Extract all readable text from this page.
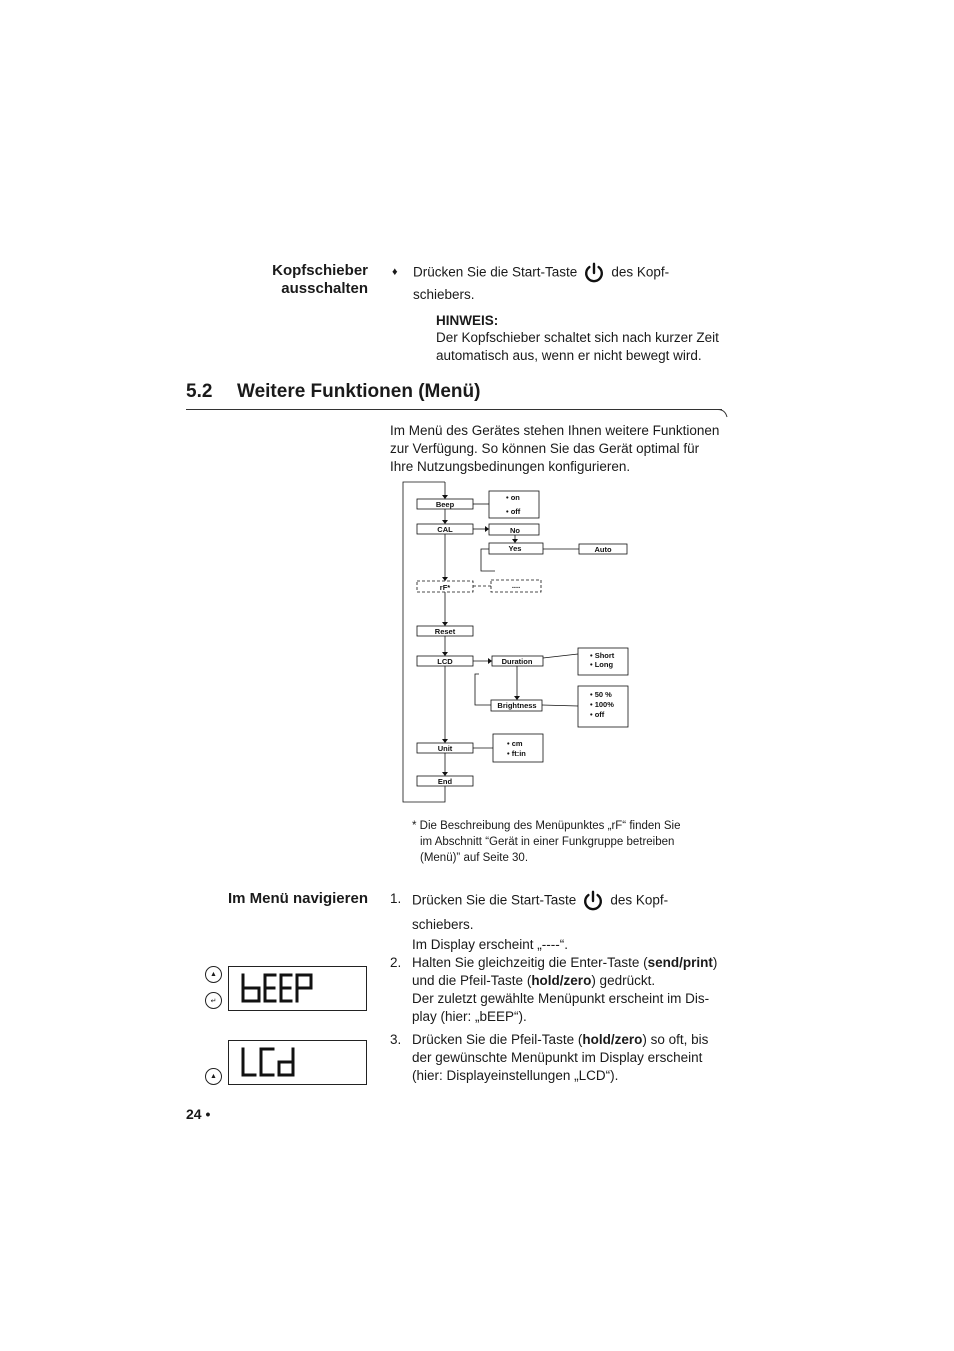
Kopfschieber
ausschalten
♦ Drücken Sie die Start-Taste	des Kopf-
schiebers.
HINWEIS:
Der Kopfschieber schaltet sich nach kurzer Zeit
automatisch aus, wenn er nicht bewegt wird.
5.2 Weitere Funktionen (Menü)
Im Menü des Gerätes stehen Ihnen weitere Funktionen
zur Verfügung. So können Sie das Gerät optimal für
Ihre Nutzungsbedinungen konfigurieren.
Beep
CAL	No
Yes	Auto
rF*	....
Reset
LCD	Duration
Brightness
Unit
End
• on
• off
• Short
• Long
• 50 %
• 100%
• off
• cm
• ft:in
* Die Beschreibung des Menüpunktes „rF“ finden Sie
im Abschnitt “Gerät in einer Funkgruppe betreiben
(Menü)” auf Seite 30.
Im Menü navigieren 1. Drücken Sie die Start-Taste	des Kopf-
schiebers.
Im Display erscheint „----“.
2. Halten Sie gleichzeitig die Enter-Taste (send/print)
und die Pfeil-Taste (hold/zero) gedrückt.
Der zuletzt gewählte Menüpunkt erscheint im Dis-
play (hier: „bEEP“).
3. Drücken Sie die Pfeil-Taste (hold/zero) so oft, bis
der gewünschte Menüpunkt im Display erscheint
(hier: Displayeinstellungen „LCD“).
▲
↵
▲
24 •
